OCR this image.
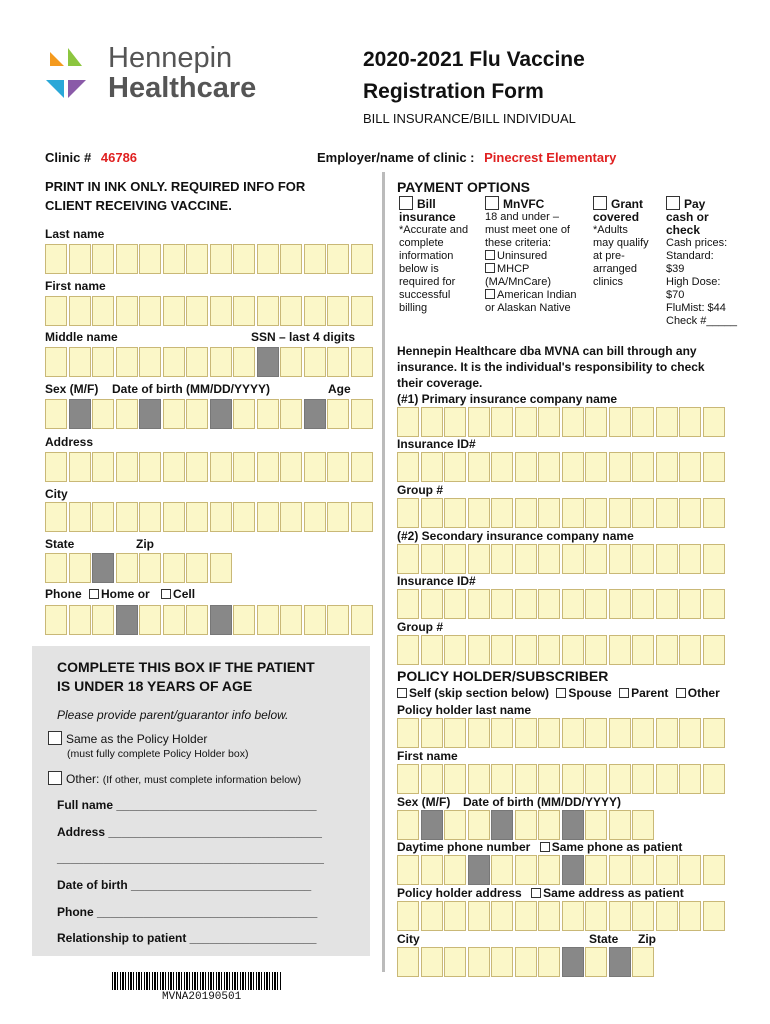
Hennepin
Healthcare
2020-2021 Flu Vaccine
Registration Form
BILL INSURANCE/BILL INDIVIDUAL
Clinic # 46786	Employer/name of clinic : Pinecrest Elementary
PRINT IN INK ONLY. REQUIRED INFO FOR
CLIENT RECEIVING VACCINE.
Last name
First name
Middle name	SSN – last 4 digits
Sex (M/F) Date of birth (MM/DD/YYYY)	Age
Address
City
State	Zip
Phone Home or Cell
COMPLETE THIS BOX IF THE PATIENT
IS UNDER 18 YEARS OF AGE
Please provide parent/guarantor info below.
Same as the Policy Holder
(must fully complete Policy Holder box)
Other: (If other, must complete information below)
Full name ______________________________
Address ________________________________
________________________________________
Date of birth ___________________________
Phone _________________________________
Relationship to patient ___________________
MVNA20190501
PAYMENT OPTIONS
Bill
insurance
*Accurate and
complete
information
below is
required for
successful
billing
MnVFC
18 and under –
must meet one of
these criteria:
Uninsured
MHCP
(MA/MnCare)
American Indian
or Alaskan Native
Grant
covered
*Adults
may qualify
at pre-
arranged
clinics
Pay
cash or
check
Cash prices:
Standard:
$39
High Dose:
$70
FluMist: $44
Check #_____
Hennepin Healthcare dba MVNA can bill through any
insurance. It is the individual's responsibility to check
their coverage.
(#1) Primary insurance company name
Insurance ID#
Group #
(#2) Secondary insurance company name
Insurance ID#
Group #
POLICY HOLDER/SUBSCRIBER
Self (skip section below) Spouse Parent Other
Policy holder last name
First name
Sex (M/F) Date of birth (MM/DD/YYYY)
Daytime phone number Same phone as patient
Policy holder address Same address as patient
City	State Zip
